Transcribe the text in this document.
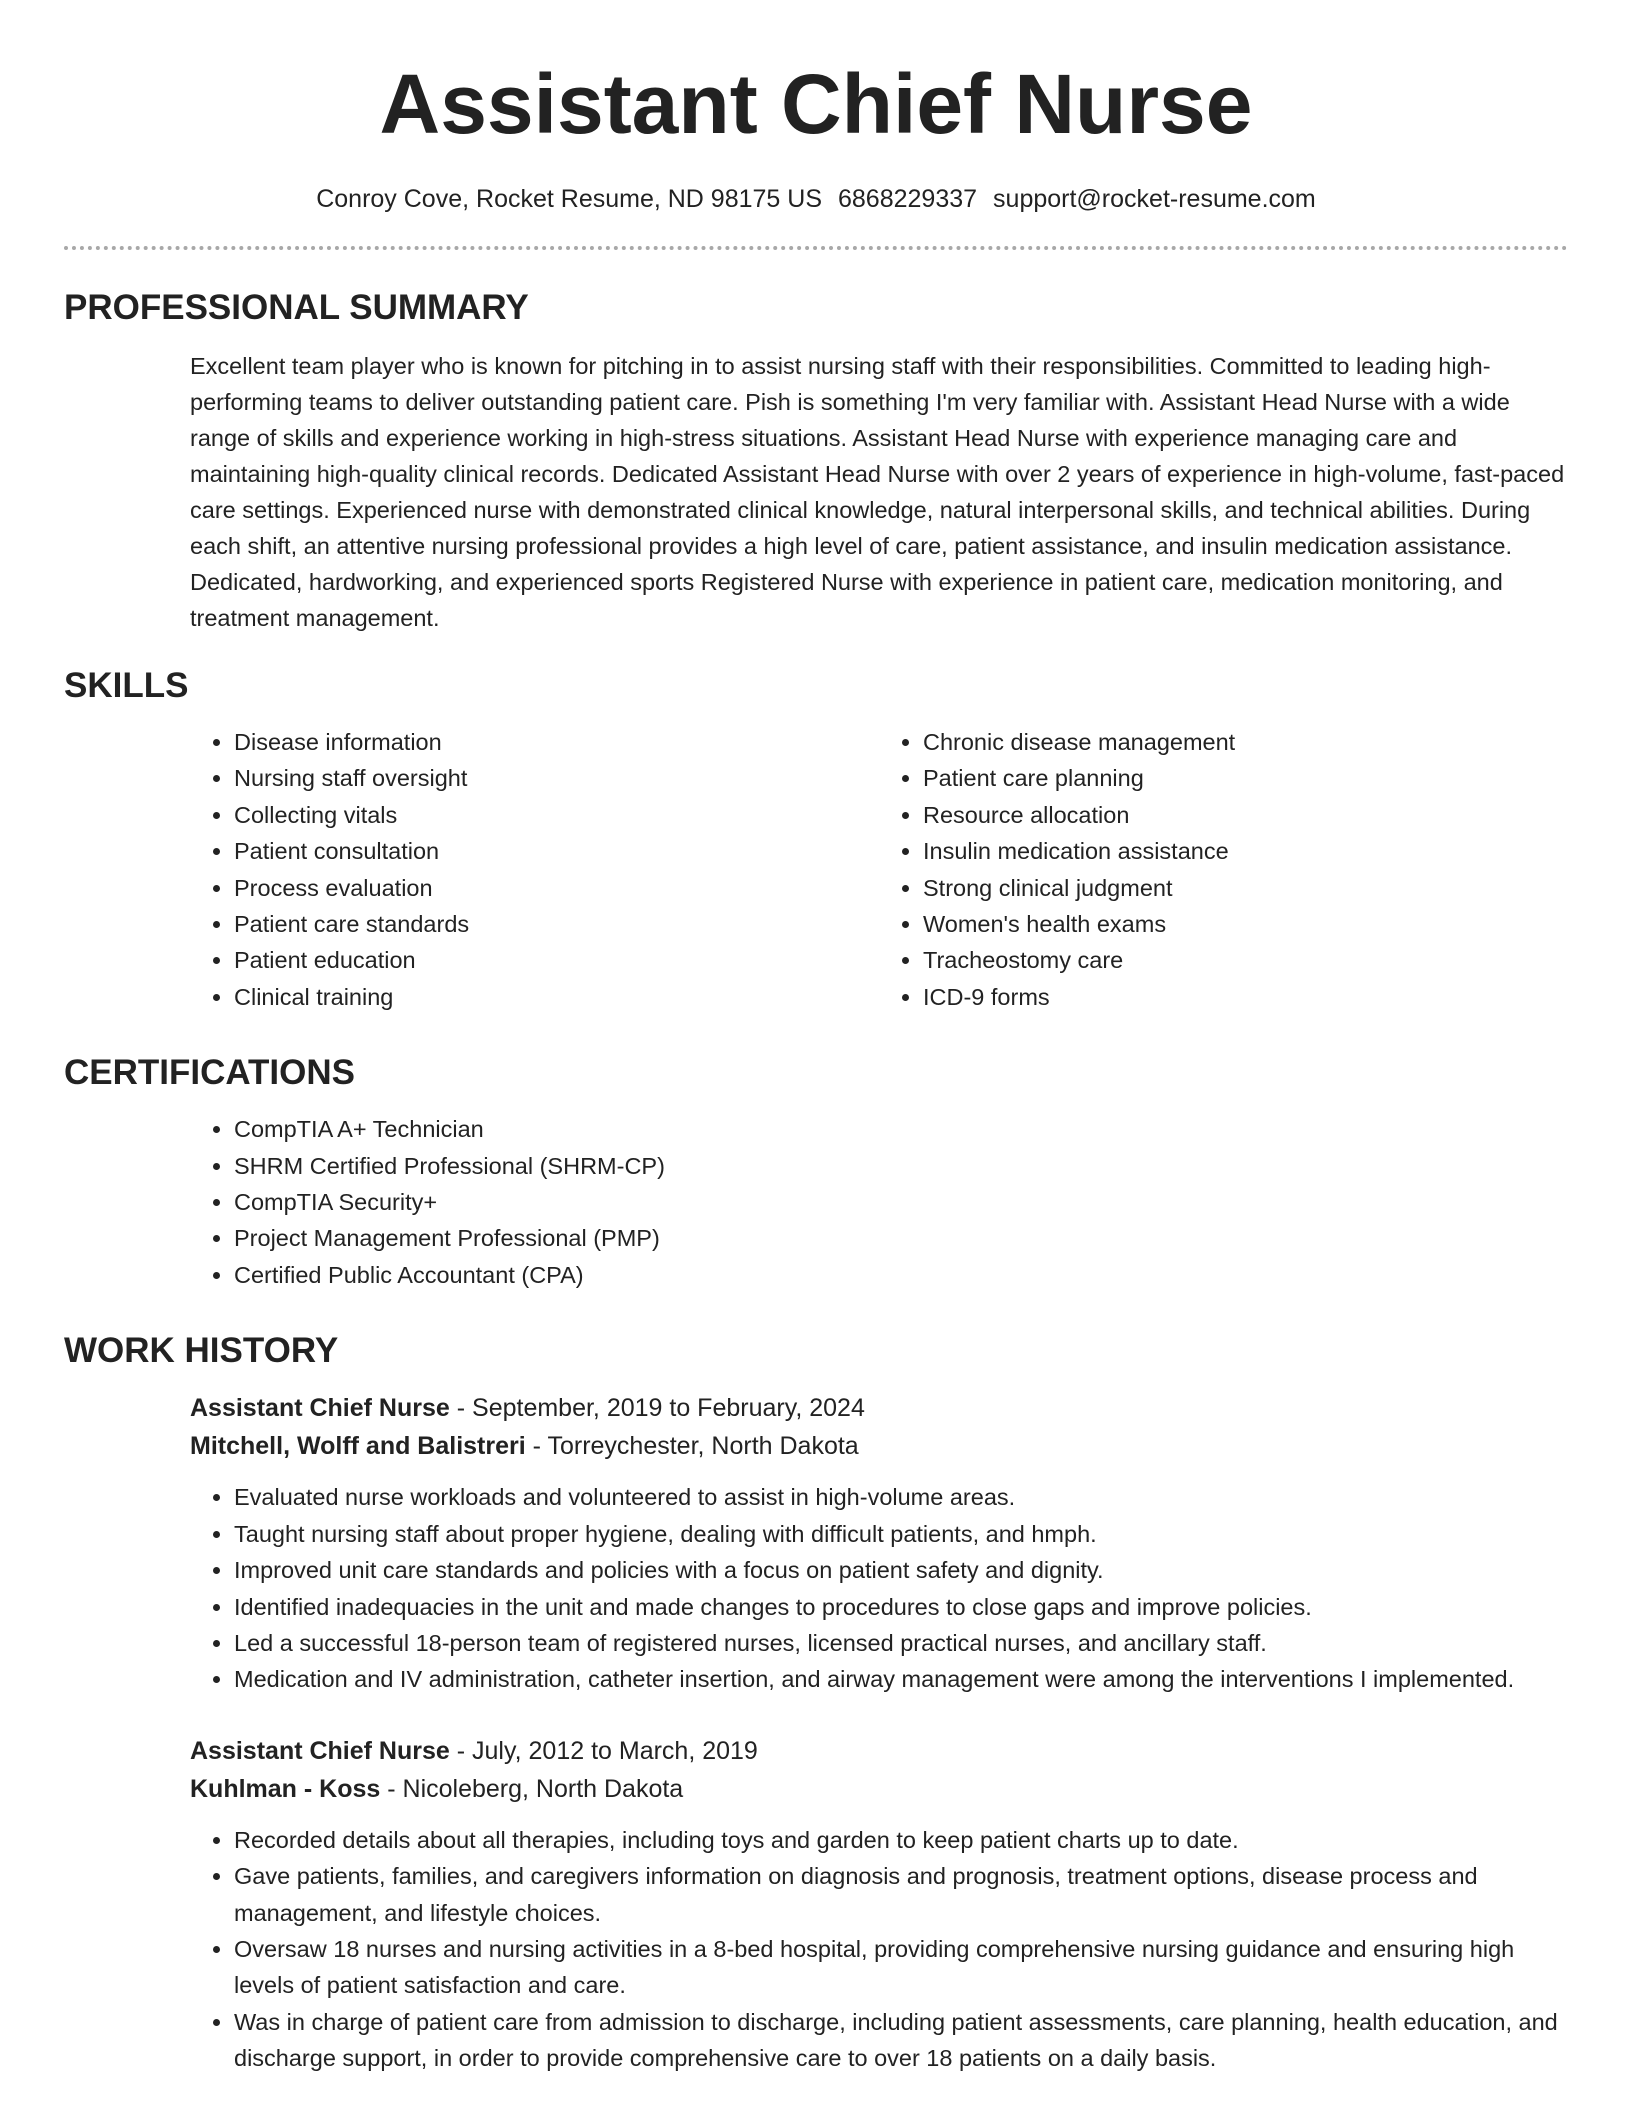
Assistant Chief Nurse
Conroy Cove, Rocket Resume, ND 98175 US 6868229337 support@rocket-resume.com
PROFESSIONAL SUMMARY

Excellent team player who is known for pitching in to assist nursing staff with their responsibilities. Committed to leading high-performing teams to deliver outstanding patient care. Pish is something I'm very familiar with. Assistant Head Nurse with a wide range of skills and experience working in high-stress situations. Assistant Head Nurse with experience managing care and maintaining high-quality clinical records. Dedicated Assistant Head Nurse with over 2 years of experience in high-volume, fast-paced care settings. Experienced nurse with demonstrated clinical knowledge, natural interpersonal skills, and technical abilities. During each shift, an attentive nursing professional provides a high level of care, patient assistance, and insulin medication assistance. Dedicated, hardworking, and experienced sports Registered Nurse with experience in patient care, medication monitoring, and treatment management.

SKILLS
• Disease information
• Nursing staff oversight
• Collecting vitals
• Patient consultation
• Process evaluation
• Patient care standards
• Patient education
• Clinical training
• Chronic disease management
• Patient care planning
• Resource allocation
• Insulin medication assistance
• Strong clinical judgment
• Women's health exams
• Tracheostomy care
• ICD-9 forms
CERTIFICATIONS
• CompTIA A+ Technician
• SHRM Certified Professional (SHRM-CP)
• CompTIA Security+
• Project Management Professional (PMP)
• Certified Public Accountant (CPA)
WORK HISTORY
Assistant Chief Nurse - September, 2019 to February, 2024
Mitchell, Wolff and Balistreri - Torreychester, North Dakota
• Evaluated nurse workloads and volunteered to assist in high-volume areas.
• Taught nursing staff about proper hygiene, dealing with difficult patients, and hmph.
• Improved unit care standards and policies with a focus on patient safety and dignity.
• Identified inadequacies in the unit and made changes to procedures to close gaps and improve policies.
• Led a successful 18-person team of registered nurses, licensed practical nurses, and ancillary staff.
• Medication and IV administration, catheter insertion, and airway management were among the interventions I implemented.
Assistant Chief Nurse - July, 2012 to March, 2019
Kuhlman - Koss - Nicoleberg, North Dakota
• Recorded details about all therapies, including toys and garden to keep patient charts up to date.
• Gave patients, families, and caregivers information on diagnosis and prognosis, treatment options, disease process and management, and lifestyle choices.
• Oversaw 18 nurses and nursing activities in a 8-bed hospital, providing comprehensive nursing guidance and ensuring high levels of patient satisfaction and care.
• Was in charge of patient care from admission to discharge, including patient assessments, care planning, health education, and discharge support, in order to provide comprehensive care to over 18 patients on a daily basis.
